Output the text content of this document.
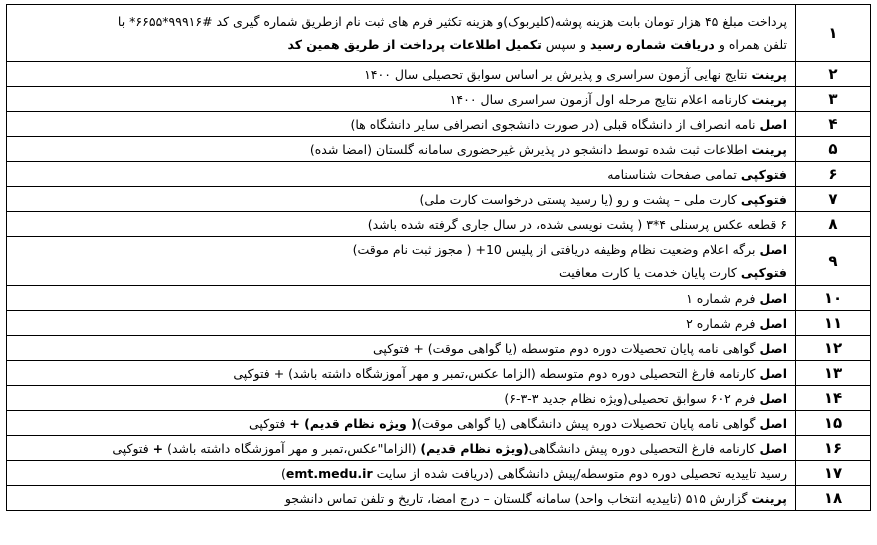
۱	پرداخت مبلغ ۴۵ هزار تومان بابت هزینه پوشه(کلیربوک)و هزینه تکثیر فرم های ثبت نام ازطریق شماره گیری کد #۹۹۹۱۶*۶۶۵۵* با
تلفن همراه و دریافت شماره رسید و سپس تکمیل اطلاعات پرداخت از طریق همین کد

۲	پرینت نتایج نهایی آزمون سراسری و پذیرش بر اساس سوابق تحصیلی سال ۱۴۰۰

۳	پرینت کارنامه اعلام نتایج مرحله اول آزمون سراسری سال ۱۴۰۰

۴	اصل نامه انصراف از دانشگاه قبلی (در صورت دانشجوی انصرافی سایر دانشگاه ها)

۵	پرینت اطلاعات ثبت شده توسط دانشجو در پذیرش غیرحضوری سامانه گلستان (امضا شده)

۶	فتوکپی تمامی صفحات شناسنامه

۷	فتوکپی کارت ملی – پشت و رو (یا رسید پستی درخواست کارت ملی)

۸	۶ قطعه عکس پرسنلی ۴*۳ ( پشت نویسی شده، در سال جاری گرفته شده باشد)

۹	اصل برگه اعلام وضعیت نظام وظیفه دریافتی از پلیس 10+ ( مجوز ثبت نام موقت)
فتوکپی کارت پایان خدمت یا کارت معافیت

۱۰	اصل فرم شماره ۱

۱۱	اصل فرم شماره ۲

۱۲	اصل گواهی نامه پایان تحصیلات دوره دوم متوسطه (یا گواهی موقت) + فتوکپی

۱۳	اصل کارنامه فارغ التحصیلی دوره دوم متوسطه (الزاما عکس،تمبر و مهر آموزشگاه داشته باشد) + فتوکپی

۱۴	اصل فرم ۶۰۲ سوابق تحصیلی(ویژه نظام جدید ۳-۳-۶)

۱۵	اصل گواهی نامه پایان تحصیلات دوره پیش دانشگاهی (یا گواهی موقت)( ویژه نظام قدیم) + فتوکپی

۱۶	اصل کارنامه فارغ التحصیلی دوره پیش دانشگاهی(ویژه نظام قدیم) (الزاما"عکس،تمبر و مهر آموزشگاه داشته باشد) + فتوکپی

۱۷	رسید تاییدیه تحصیلی دوره دوم متوسطه/پیش دانشگاهی (دریافت شده از سایت emt.medu.ir)

۱۸	پرینت گزارش ۵۱۵ (تاییدیه انتخاب واحد) سامانه گلستان – درج امضا، تاریخ و تلفن تماس دانشجو
